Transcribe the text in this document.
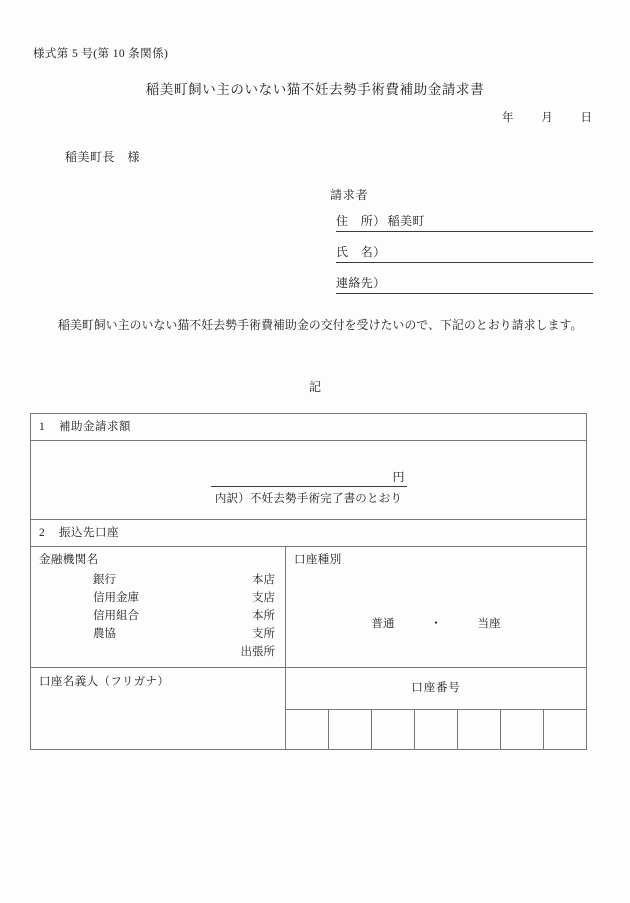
様式第 5 号(第 10 条関係)
稲美町飼い主のいない猫不妊去勢手術費補助金請求書
年 月 日
稲美町長　様
請求者
住　所） 稲美町
氏　名）
連絡先）
稲美町飼い主のいない猫不妊去勢手術費補助金の交付を受けたいので、下記のとおり請求します。
記
1 補助金請求額							

円
内訳）不妊去勢手術完了書のとおり							

2 振込先口座							

金融機関名
銀行	本店
信用金庫	支店
信用組合	本所
農協	支所
出張所

口座種別
普通	・	当座

口座名義人（フリガナ）	口座番号						
